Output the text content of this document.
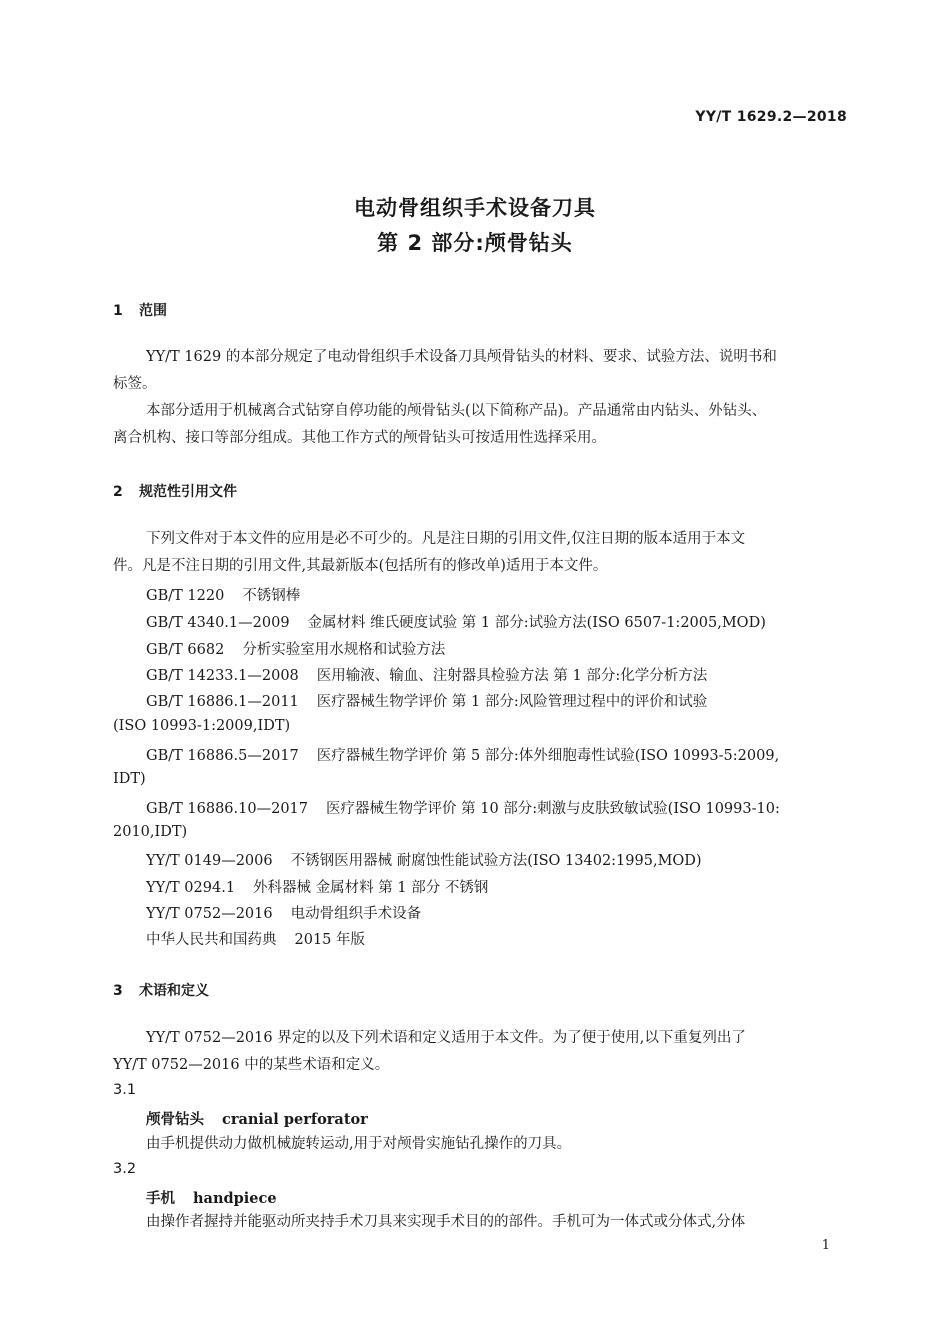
YY/T 1629.2—2018
电动骨组织手术设备刀具
第 2 部分:颅骨钻头
1 范围
YY/T 1629 的本部分规定了电动骨组织手术设备刀具颅骨钻头的材料、要求、试验方法、说明书和
标签。
本部分适用于机械离合式钻穿自停功能的颅骨钻头(以下简称产品)。产品通常由内钻头、外钻头、
离合机构、接口等部分组成。其他工作方式的颅骨钻头可按适用性选择采用。
2 规范性引用文件
下列文件对于本文件的应用是必不可少的。凡是注日期的引用文件,仅注日期的版本适用于本文
件。凡是不注日期的引用文件,其最新版本(包括所有的修改单)适用于本文件。
GB/T 1220 不锈钢棒
GB/T 4340.1—2009 金属材料 维氏硬度试验 第 1 部分:试验方法(ISO 6507-1:2005,MOD)
GB/T 6682 分析实验室用水规格和试验方法
GB/T 14233.1—2008 医用输液、输血、注射器具检验方法 第 1 部分:化学分析方法
GB/T 16886.1—2011 医疗器械生物学评价 第 1 部分:风险管理过程中的评价和试验
(ISO 10993-1:2009,IDT)
GB/T 16886.5—2017 医疗器械生物学评价 第 5 部分:体外细胞毒性试验(ISO 10993-5:2009,
IDT)
GB/T 16886.10—2017 医疗器械生物学评价 第 10 部分:刺激与皮肤致敏试验(ISO 10993-10:
2010,IDT)
YY/T 0149—2006 不锈钢医用器械 耐腐蚀性能试验方法(ISO 13402:1995,MOD)
YY/T 0294.1 外科器械 金属材料 第 1 部分 不锈钢
YY/T 0752—2016 电动骨组织手术设备
中华人民共和国药典 2015 年版
3 术语和定义
YY/T 0752—2016 界定的以及下列术语和定义适用于本文件。为了便于使用,以下重复列出了
YY/T 0752—2016 中的某些术语和定义。
3.1
颅骨钻头 cranial perforator
由手机提供动力做机械旋转运动,用于对颅骨实施钻孔操作的刀具。
3.2
手机 handpiece
由操作者握持并能驱动所夹持手术刀具来实现手术目的的部件。手机可为一体式或分体式,分体
1
